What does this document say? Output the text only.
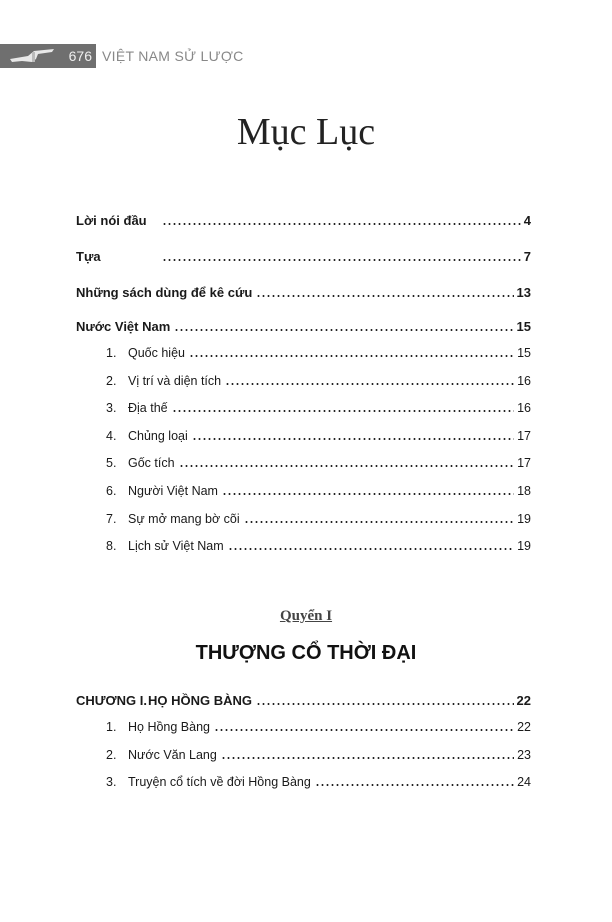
676 VIỆT NAM SỬ LƯỢC
Mục Lục
Lời nói đầu	4
Tựa	7
Những sách dùng để kê cứu	13
Nước Việt Nam	15
1. Quốc hiệu	15
2. Vị trí và diện tích	16
3. Địa thế	16
4. Chủng loại	17
5. Gốc tích	17
6. Người Việt Nam	18
7. Sự mở mang bờ cõi	19
8. Lịch sử Việt Nam	19
Quyển I
THƯỢNG CỔ THỜI ĐẠI
CHƯƠNG I. HỌ HỒNG BÀNG	22
1. Họ Hồng Bàng	22
2. Nước Văn Lang	23
3. Truyện cổ tích về đời Hồng Bàng	24
